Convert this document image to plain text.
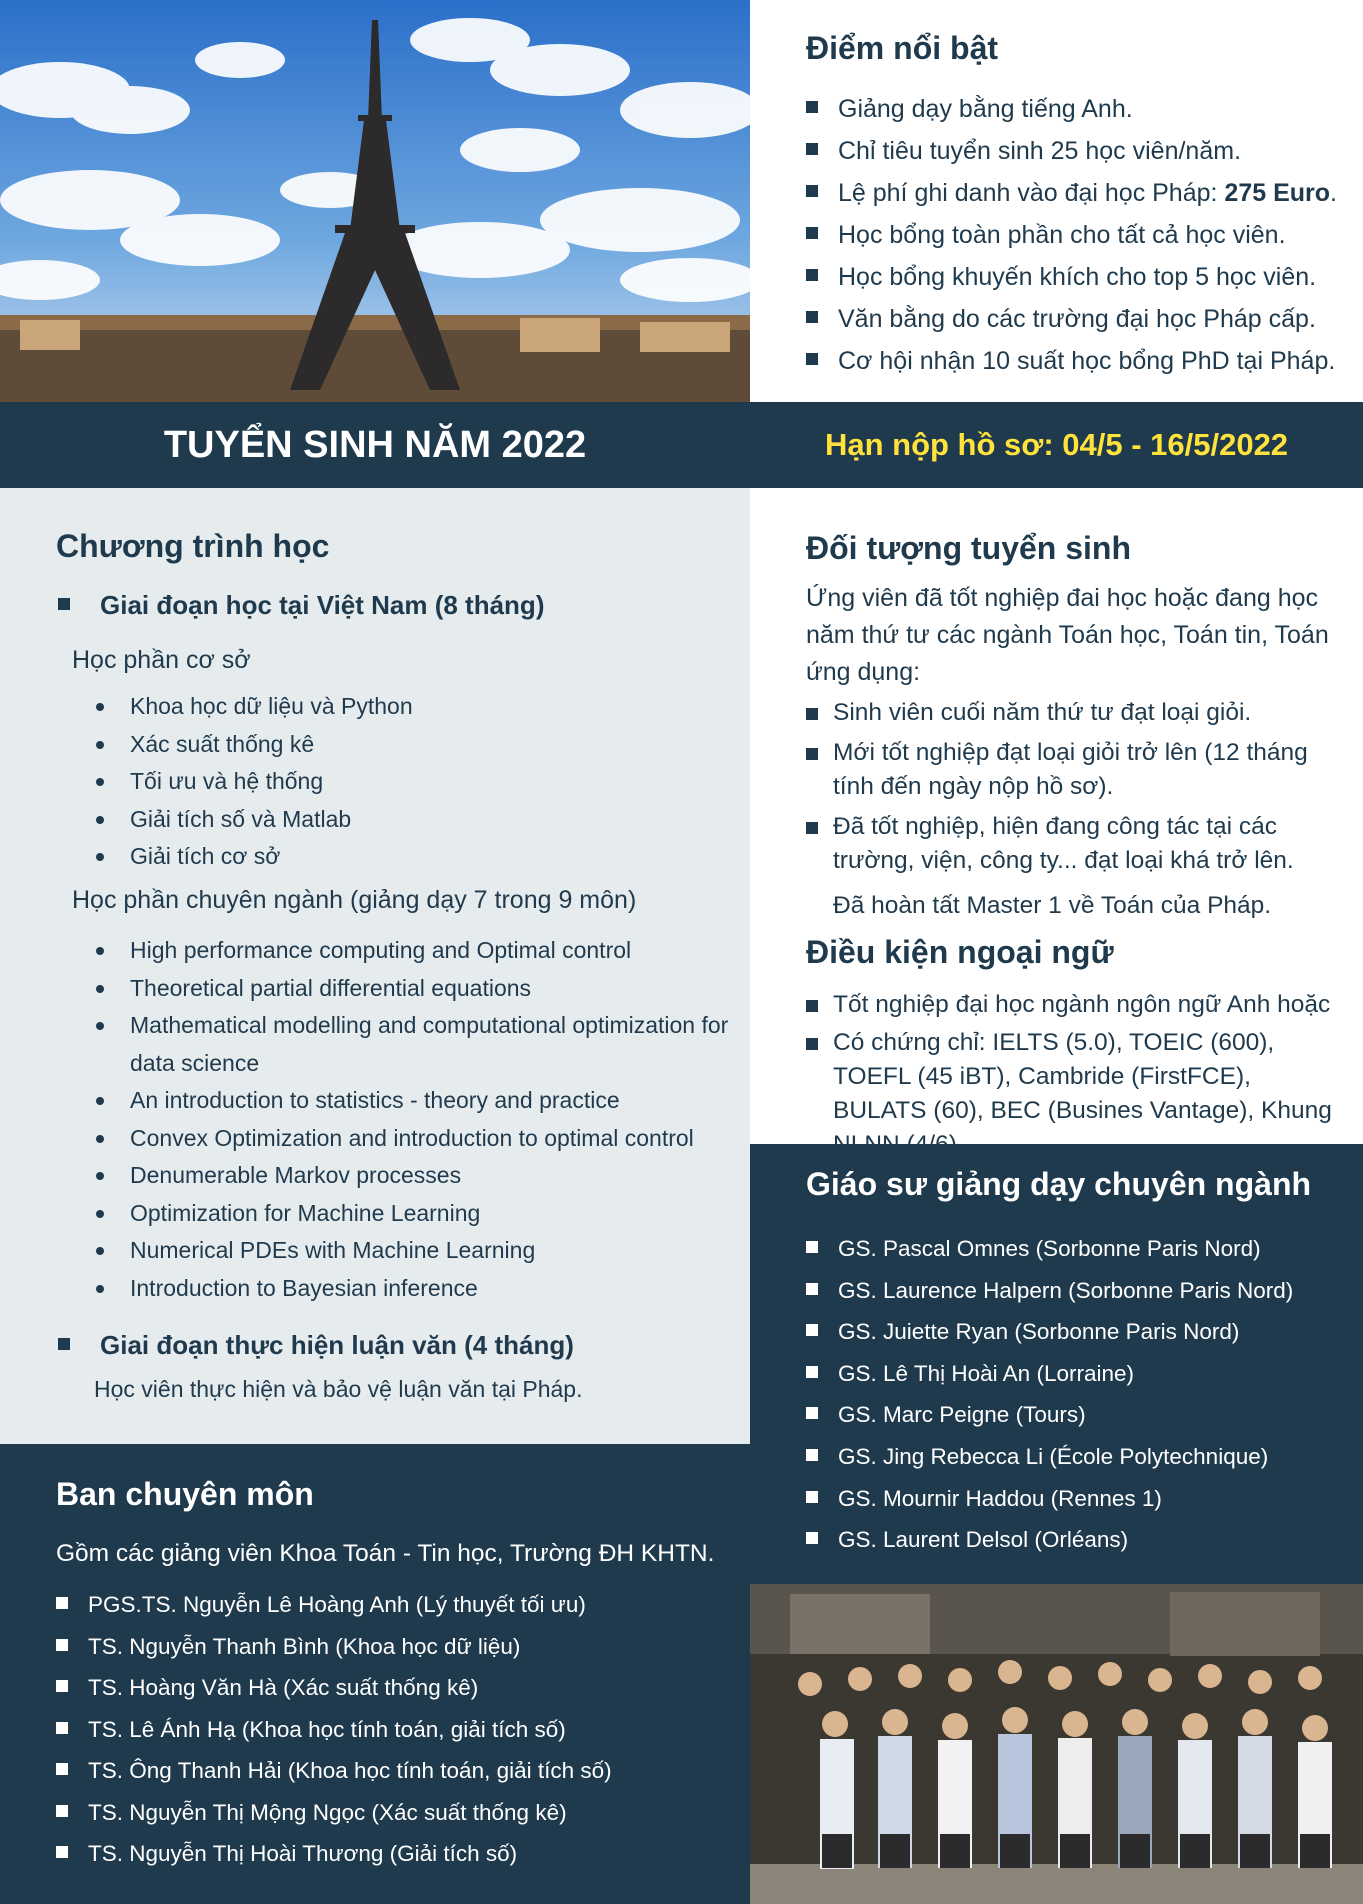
Điểm nổi bật
Giảng dạy bằng tiếng Anh.
Chỉ tiêu tuyển sinh 25 học viên/năm.
Lệ phí ghi danh vào đại học Pháp: 275 Euro.
Học bổng toàn phần cho tất cả học viên.
Học bổng khuyến khích cho top 5 học viên.
Văn bằng do các trường đại học Pháp cấp.
Cơ hội nhận 10 suất học bổng PhD tại Pháp.
TUYỂN SINH NĂM 2022	Hạn nộp hồ sơ: 04/5 - 16/5/2022
Chương trình học
Giai đoạn học tại Việt Nam (8 tháng)
Học phần cơ sở
Khoa học dữ liệu và Python
Xác suất thống kê
Tối ưu và hệ thống
Giải tích số và Matlab
Giải tích cơ sở
Học phần chuyên ngành (giảng dạy 7 trong 9 môn)
High performance computing and Optimal control
Theoretical partial differential equations
Mathematical modelling and computational optimization for data science
An introduction to statistics - theory and practice
Convex Optimization and introduction to optimal control
Denumerable Markov processes
Optimization for Machine Learning
Numerical PDEs with Machine Learning
Introduction to Bayesian inference
Giai đoạn thực hiện luận văn (4 tháng)
Học viên thực hiện và bảo vệ luận văn tại Pháp.
Đối tượng tuyển sinh
Ứng viên đã tốt nghiệp đai học hoặc đang học năm thứ tư các ngành Toán học, Toán tin, Toán ứng dụng:
Sinh viên cuối năm thứ tư đạt loại giỏi.
Mới tốt nghiệp đạt loại giỏi trở lên (12 tháng tính đến ngày nộp hồ sơ).
Đã tốt nghiệp, hiện đang công tác tại các trường, viện, công ty... đạt loại khá trở lên.
Đã hoàn tất Master 1 về Toán của Pháp.
Điều kiện ngoại ngữ
Tốt nghiệp đại học ngành ngôn ngữ Anh hoặc
Có chứng chỉ: IELTS (5.0), TOEIC (600), TOEFL (45 iBT), Cambride (FirstFCE), BULATS (60), BEC (Busines Vantage), Khung
Giáo sư giảng dạy chuyên ngành
GS. Pascal Omnes (Sorbonne Paris Nord)
GS. Laurence Halpern (Sorbonne Paris Nord)
GS. Juiette Ryan (Sorbonne Paris Nord)
GS. Lê Thị Hoài An (Lorraine)
GS. Marc Peigne (Tours)
GS. Jing Rebecca Li (École Polytechnique)
GS. Mournir Haddou (Rennes 1)
GS. Laurent Delsol (Orléans)
Ban chuyên môn
Gồm các giảng viên Khoa Toán - Tin học, Trường ĐH KHTN.
PGS.TS. Nguyễn Lê Hoàng Anh (Lý thuyết tối ưu)
TS. Nguyễn Thanh Bình (Khoa học dữ liệu)
TS. Hoàng Văn Hà (Xác suất thống kê)
TS. Lê Ánh Hạ (Khoa học tính toán, giải tích số)
TS. Ông Thanh Hải (Khoa học tính toán, giải tích số)
TS. Nguyễn Thị Mộng Ngọc (Xác suất thống kê)
TS. Nguyễn Thị Hoài Thương (Giải tích số)
